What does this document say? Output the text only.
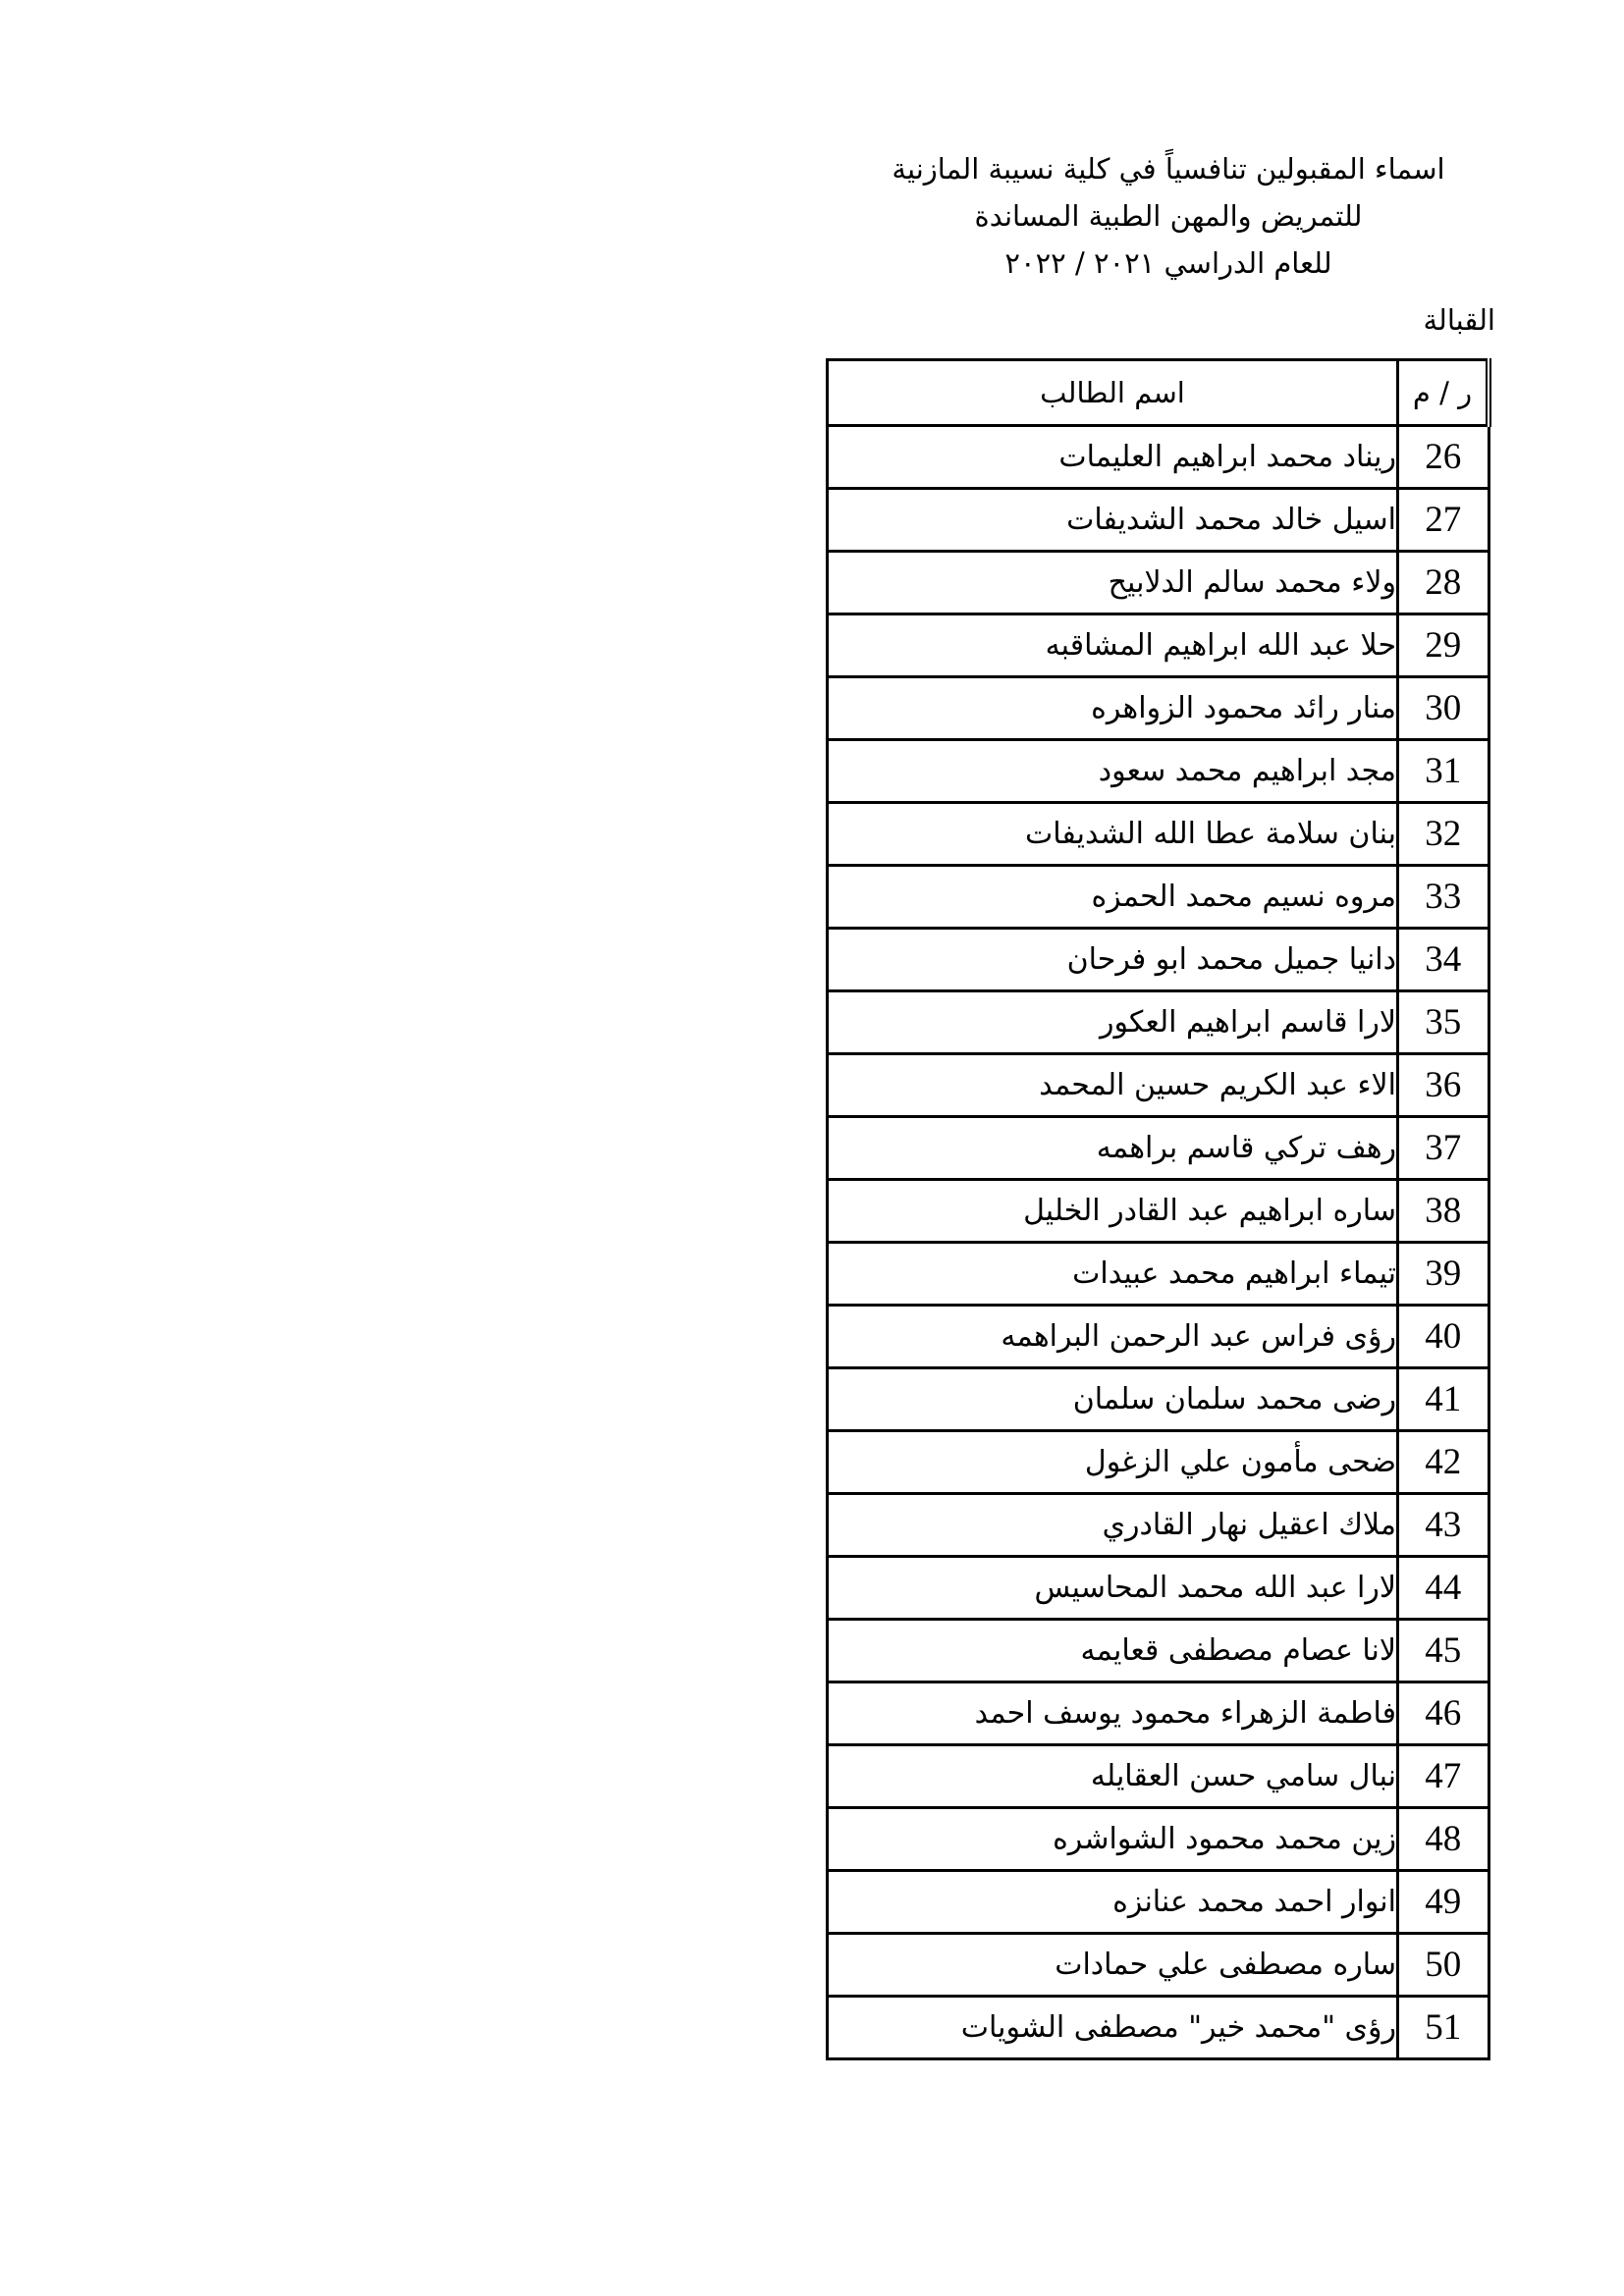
اسماء المقبولين تنافسياً في كلية نسيبة المازنية
للتمريض والمهن الطبية المساندة
للعام الدراسي ٢٠٢١ / ٢٠٢٢
القبالة
ر / م	اسم الطالب
26	ريناد محمد ابراهيم العليمات
27	اسيل خالد محمد الشديفات
28	ولاء محمد سالم الدلابيح
29	حلا عبد الله ابراهيم المشاقبه
30	منار رائد محمود الزواهره
31	مجد ابراهيم محمد سعود
32	بنان سلامة عطا الله الشديفات
33	مروه نسيم محمد الحمزه
34	دانيا جميل محمد ابو فرحان
35	لارا قاسم ابراهيم العكور
36	الاء عبد الكريم حسين المحمد
37	رهف تركي قاسم براهمه
38	ساره ابراهيم عبد القادر الخليل
39	تيماء ابراهيم محمد عبيدات
40	رؤى فراس عبد الرحمن البراهمه
41	رضى محمد سلمان سلمان
42	ضحى مأمون علي الزغول
43	ملاك اعقيل نهار القادري
44	لارا عبد الله محمد المحاسيس
45	لانا عصام مصطفى قعايمه
46	فاطمة الزهراء محمود يوسف احمد
47	نبال سامي حسن العقايله
48	زين محمد محمود الشواشره
49	انوار احمد محمد عنانزه
50	ساره مصطفى علي حمادات
51	رؤى "محمد خير" مصطفى الشويات
